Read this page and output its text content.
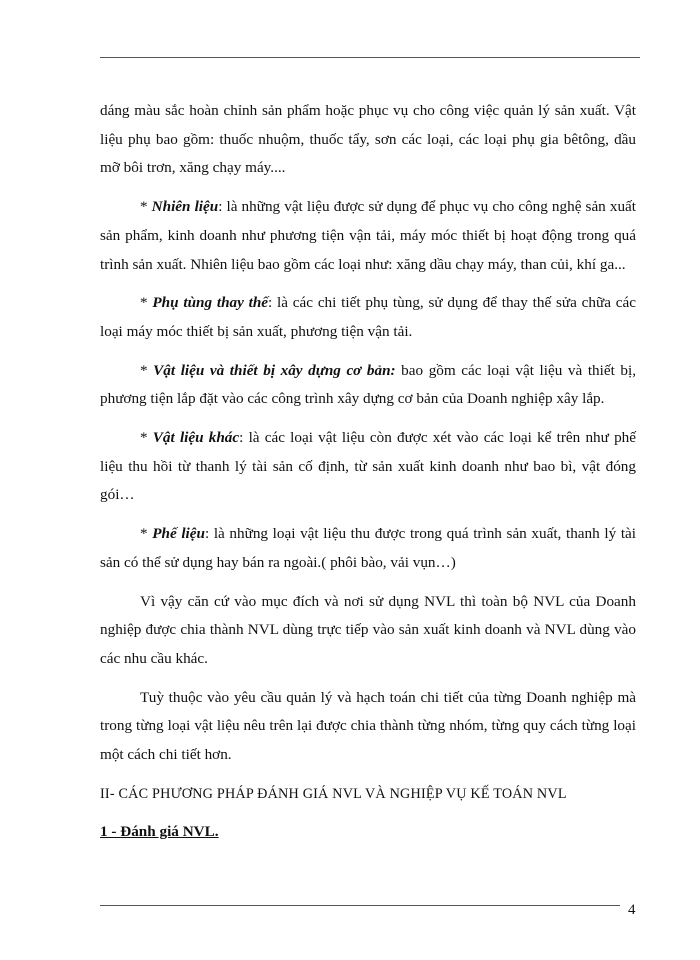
dáng màu sắc hoàn chỉnh sản phẩm hoặc phục vụ cho công việc quản lý sản xuất. Vật liệu phụ bao gồm: thuốc nhuộm, thuốc tẩy, sơn các loại, các loại phụ gia bêtông, dầu mỡ bôi trơn, xăng chạy máy....

* Nhiên liệu: là những vật liệu được sử dụng để phục vụ cho công nghệ sản xuất sản phẩm, kinh doanh như phương tiện vận tải, máy móc thiết bị hoạt động trong quá trình sản xuất. Nhiên liệu bao gồm các loại như: xăng dầu chạy máy, than củi, khí ga...

* Phụ tùng thay thế: là các chi tiết phụ tùng, sử dụng để thay thế sửa chữa các loại máy móc thiết bị sản xuất, phương tiện vận tải.

* Vật liệu và thiết bị xây dựng cơ bản: bao gồm các loại vật liệu và thiết bị, phương tiện lắp đặt vào các công trình xây dựng cơ bản của Doanh nghiệp xây lắp.

* Vật liệu khác: là các loại vật liệu còn được xét vào các loại kể trên như phế liệu thu hồi từ thanh lý tài sản cố định, từ sản xuất kinh doanh như bao bì, vật đóng gói…

* Phế liệu: là những loại vật liệu thu được trong quá trình sản xuất, thanh lý tài sản có thể sử dụng hay bán ra ngoài.( phôi bào, vải vụn…)

Vì vậy căn cứ vào mục đích và nơi sử dụng NVL thì toàn bộ NVL của Doanh nghiệp được chia thành NVL dùng trực tiếp vào sản xuất kinh doanh và NVL dùng vào các nhu cầu khác.

Tuỳ thuộc vào yêu cầu quản lý và hạch toán chi tiết của từng Doanh nghiệp mà trong từng loại vật liệu nêu trên lại được chia thành từng nhóm, từng quy cách từng loại một cách chi tiết hơn.

II- CÁC PHƯƠNG PHÁP ĐÁNH GIÁ NVL VÀ NGHIỆP VỤ KẾ TOÁN NVL

1 - Đánh giá NVL.

4
